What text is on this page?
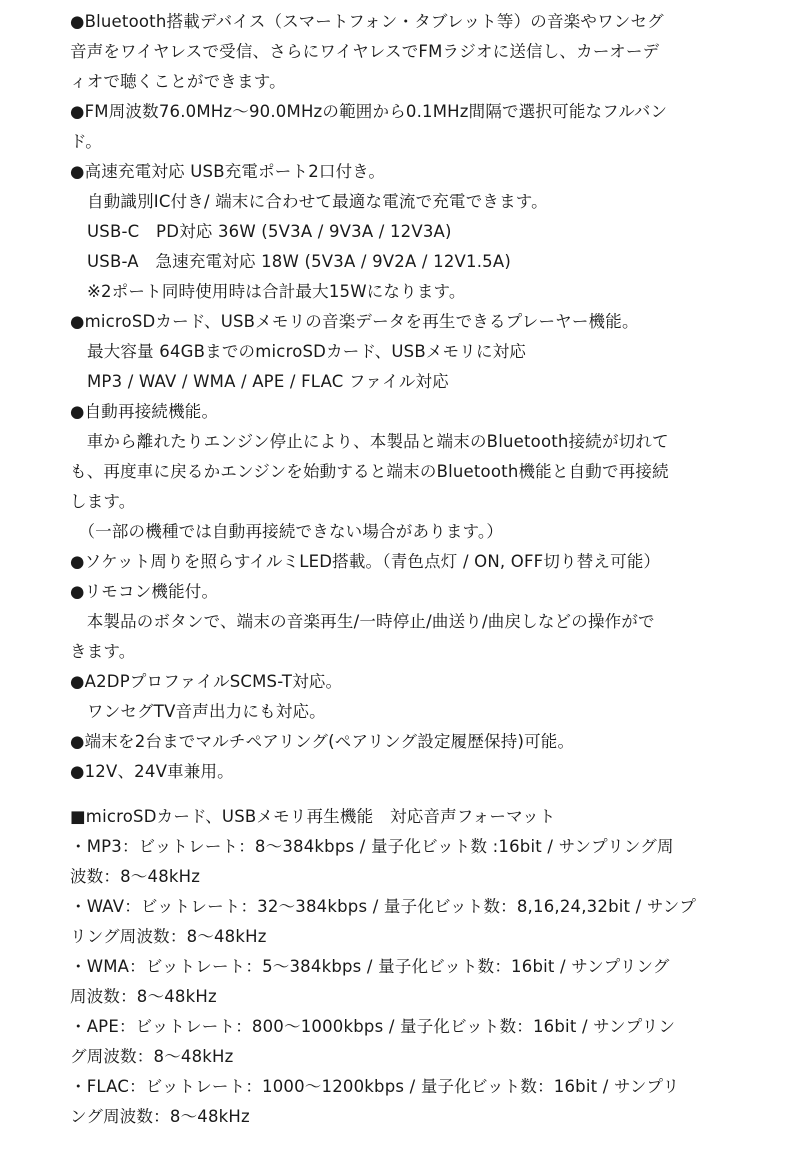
●Bluetooth搭載デバイス（スマートフォン・タブレット等）の音楽やワンセグ
音声をワイヤレスで受信、さらにワイヤレスでFMラジオに送信し、カーオーデ
ィオで聴くことができます。
●FM周波数76.0MHz〜90.0MHzの範囲から0.1MHz間隔で選択可能なフルバン
ド。
●高速充電対応 USB充電ポート2口付き。
自動識別IC付き/ 端末に合わせて最適な電流で充電できます。
USB-C　PD対応 36W (5V3A / 9V3A / 12V3A)
USB-A　急速充電対応 18W (5V3A / 9V2A / 12V1.5A)
※2ポート同時使用時は合計最大15Wになります。
●microSDカード、USBメモリの音楽データを再生できるプレーヤー機能。
最大容量 64GBまでのmicroSDカード、USBメモリに対応
MP3 / WAV / WMA / APE / FLAC ファイル対応
●自動再接続機能。
　車から離れたりエンジン停止により、本製品と端末のBluetooth接続が切れて
も、再度車に戻るかエンジンを始動すると端末のBluetooth機能と自動で再接続
します。
　（一部の機種では自動再接続できない場合があります。）
●ソケット周りを照らすイルミLED搭載。（青色点灯 / ON, OFF切り替え可能）
●リモコン機能付。
　本製品のボタンで、端末の音楽再生/一時停止/曲送り/曲戻しなどの操作がで
きます。
●A2DPプロファイルSCMS-T対応。
ワンセグTV音声出力にも対応。
●端末を2台までマルチペアリング(ペアリング設定履歴保持)可能。
●12V、24V車兼用。
■microSDカード、USBメモリ再生機能　対応音声フォーマット
・MP3：ビットレート：8〜384kbps / 量子化ビット数 :16bit / サンプリング周
波数：8〜48kHz
・WAV：ビットレート：32〜384kbps / 量子化ビット数：8,16,24,32bit / サンプ
リング周波数：8〜48kHz
・WMA：ビットレート：5〜384kbps / 量子化ビット数：16bit / サンプリング
周波数：8〜48kHz
・APE：ビットレート：800〜1000kbps / 量子化ビット数：16bit / サンプリン
グ周波数：8〜48kHz
・FLAC：ビットレート：1000〜1200kbps / 量子化ビット数：16bit / サンプリ
ング周波数：8〜48kHz
